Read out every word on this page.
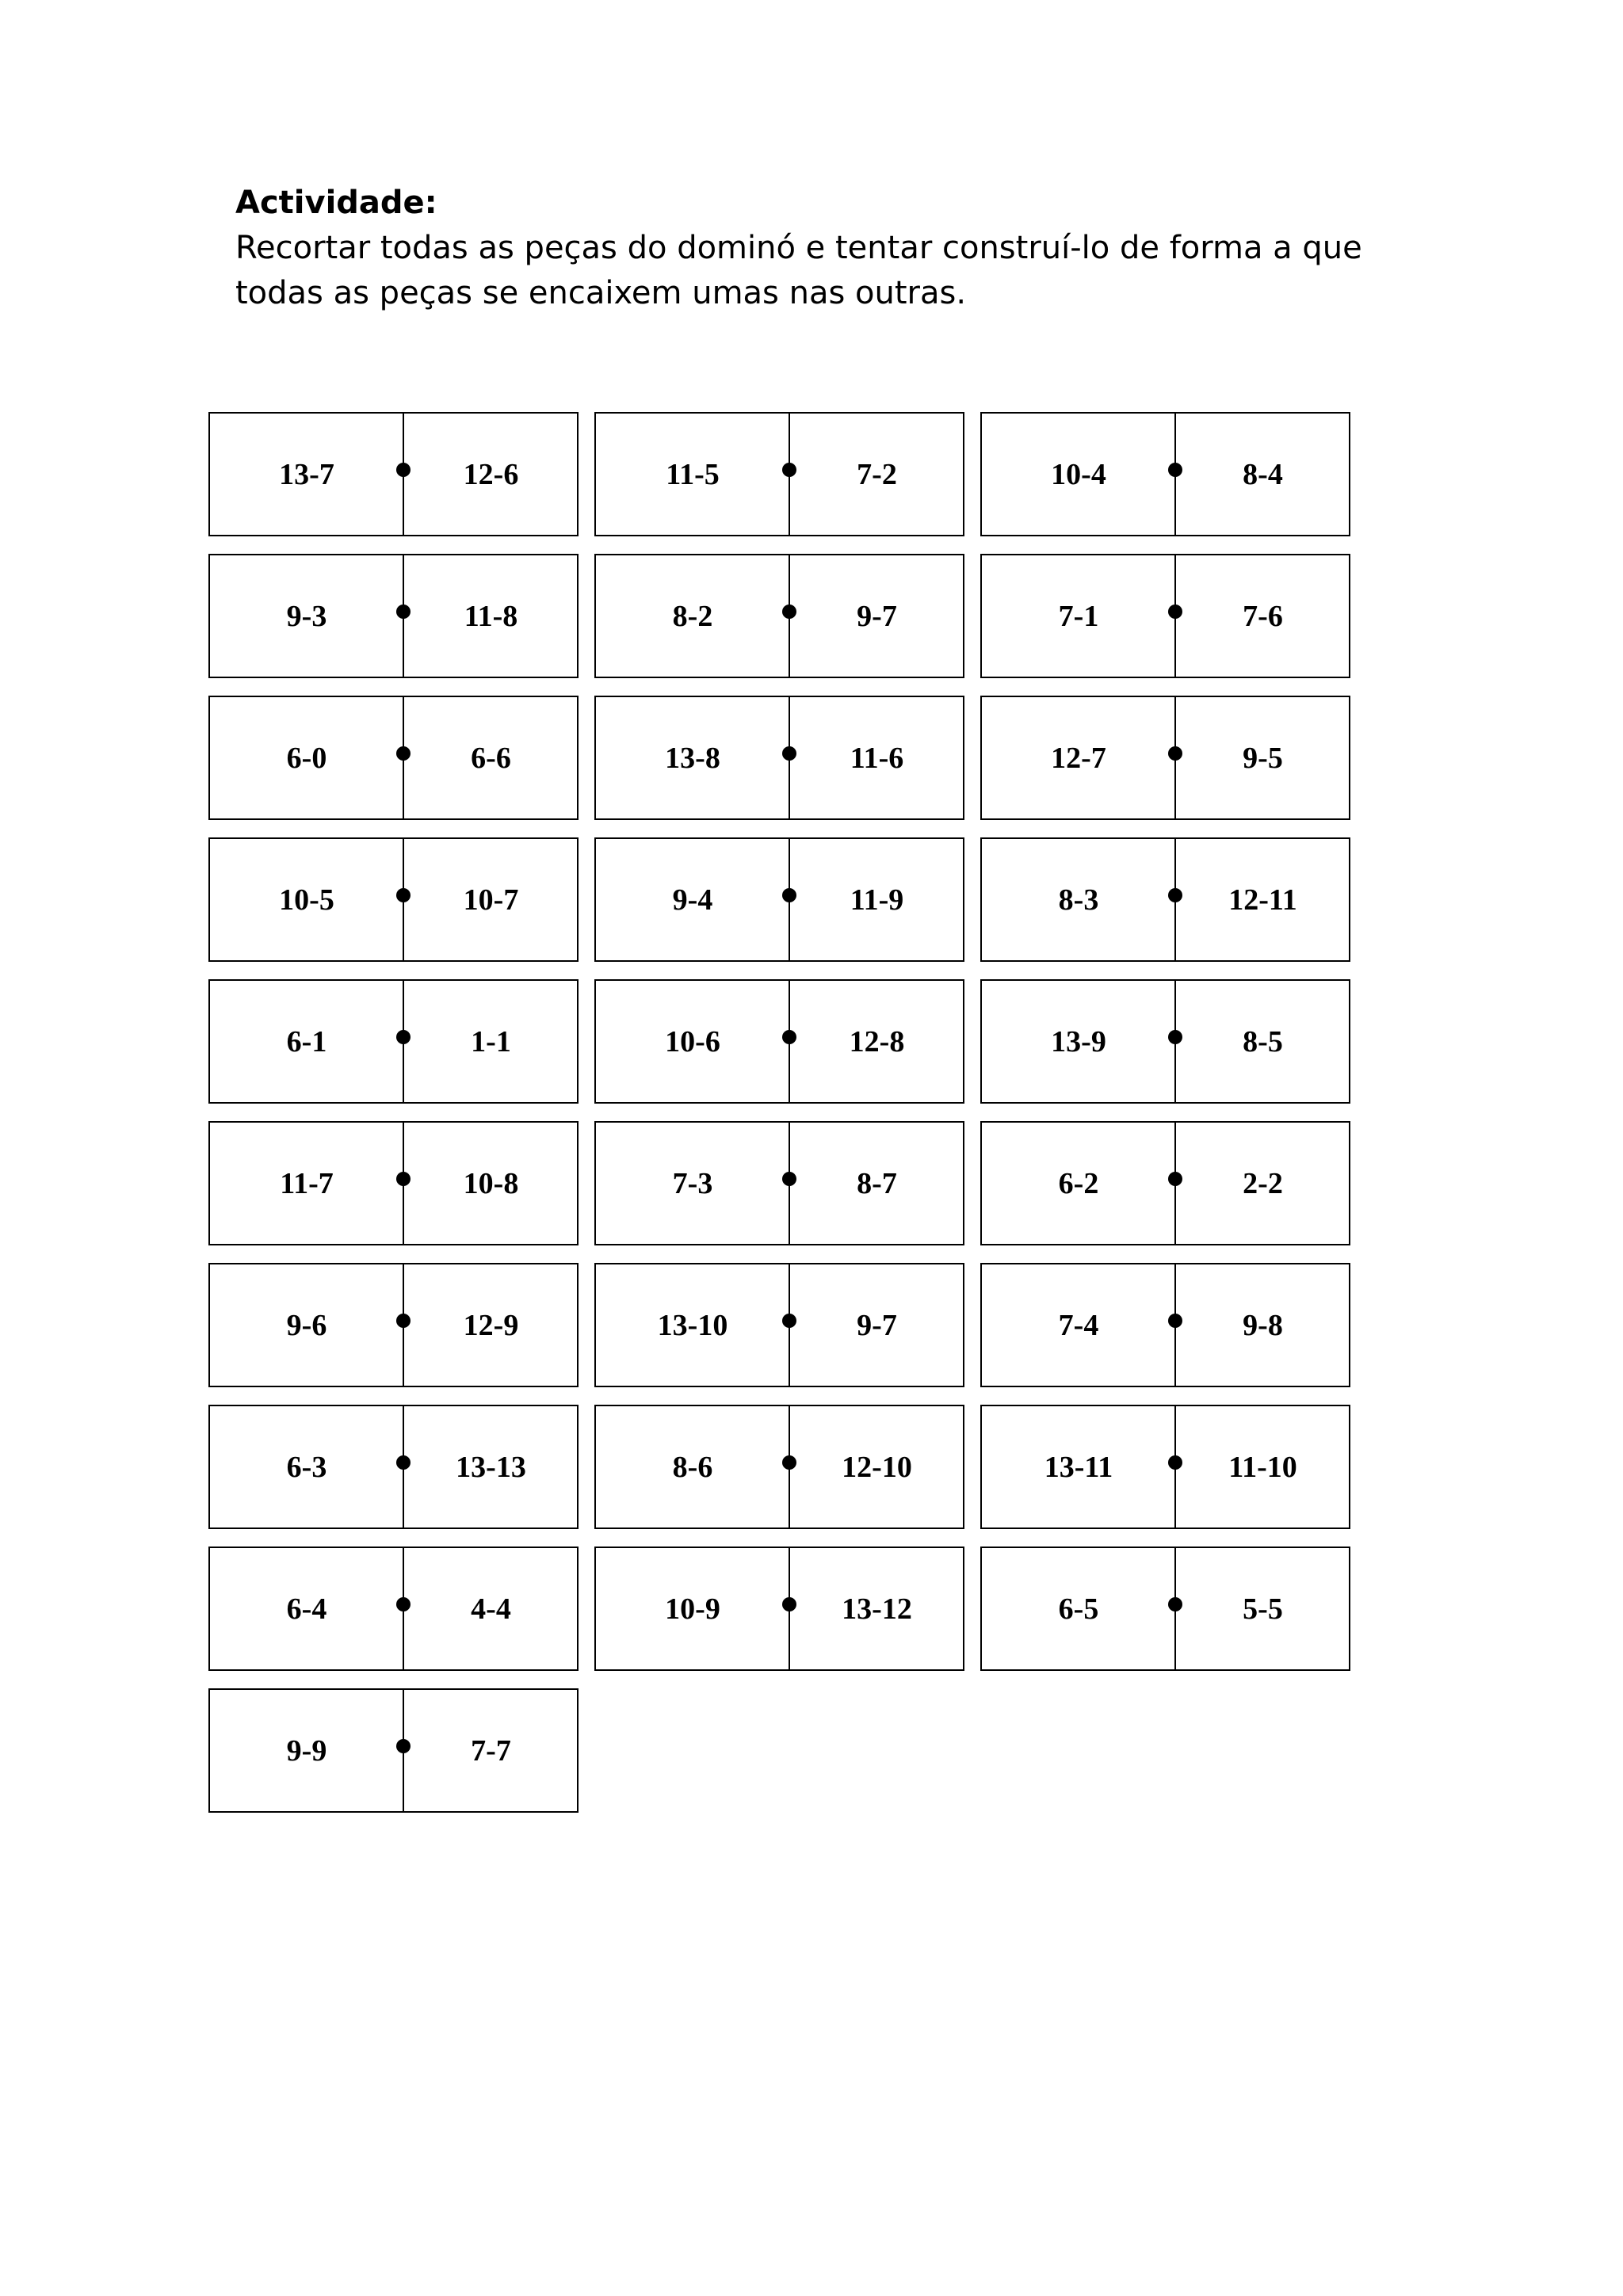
Actividade:
Recortar todas as peças do dominó e tentar construí-lo de forma a que
todas as peças se encaixem umas nas outras.
13-7	12-6	11-5	7-2	10-4	8-4
9-3	11-8	8-2	9-7	7-1	7-6
6-0	6-6	13-8	11-6	12-7	9-5
10-5	10-7	9-4	11-9	8-3	12-11
6-1	1-1	10-6	12-8	13-9	8-5
11-7	10-8	7-3	8-7	6-2	2-2
9-6	12-9	13-10	9-7	7-4	9-8
6-3	13-13	8-6	12-10	13-11	11-10
6-4	4-4	10-9	13-12	6-5	5-5
9-9	7-7
